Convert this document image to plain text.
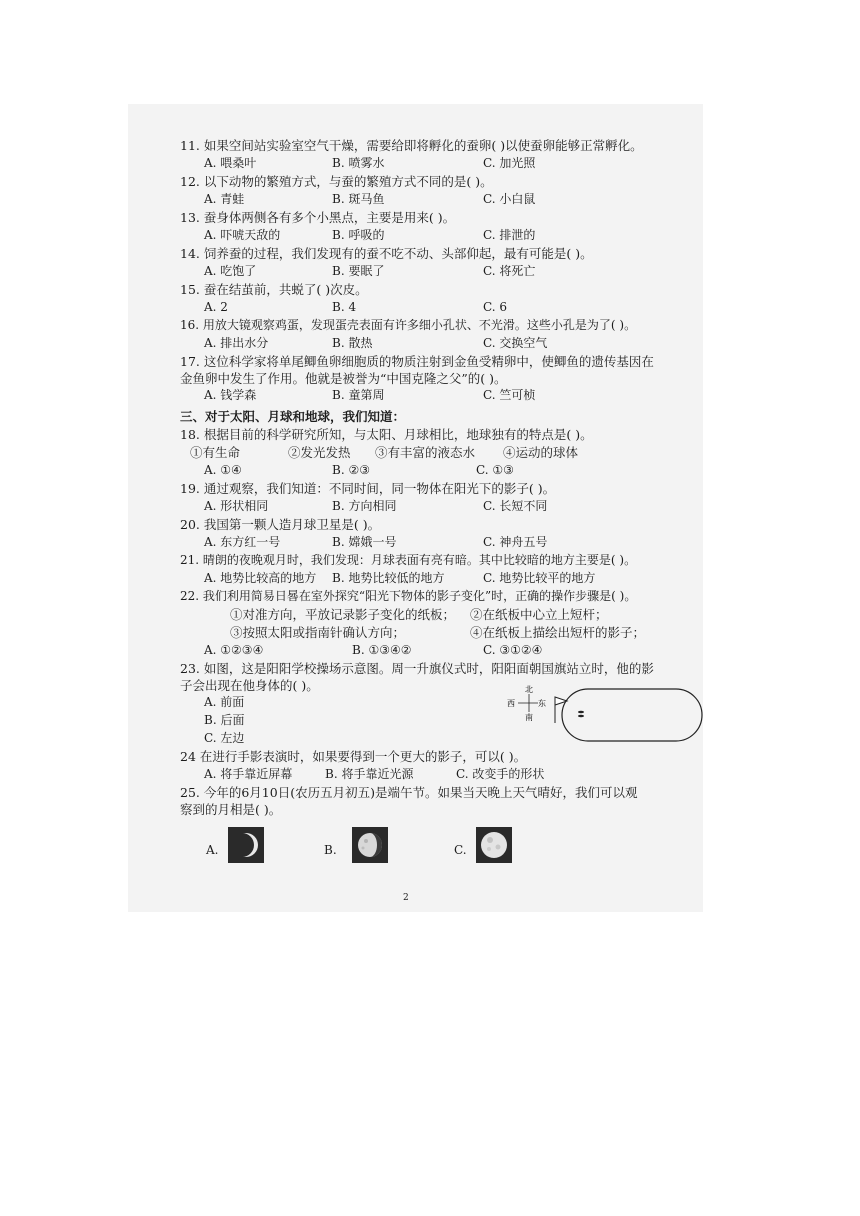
11. 如果空间站实验室空气干燥，需要给即将孵化的蚕卵( )以使蚕卵能够正常孵化。
A. 喂桑叶	B. 喷雾水	C. 加光照
12. 以下动物的繁殖方式，与蚕的繁殖方式不同的是( )。
A. 青蛙	B. 斑马鱼	C. 小白鼠
13. 蚕身体两侧各有多个小黑点，主要是用来( )。
A. 吓唬天敌的	B. 呼吸的	C. 排泄的
14. 饲养蚕的过程，我们发现有的蚕不吃不动、头部仰起，最有可能是( )。
A. 吃饱了	B. 要眠了	C. 将死亡
15. 蚕在结茧前，共蜕了( )次皮。
A. 2	B. 4	C. 6
16. 用放大镜观察鸡蛋，发现蛋壳表面有许多细小孔状、不光滑。这些小孔是为了( )。
A. 排出水分	B. 散热	C. 交换空气
17. 这位科学家将单尾鲫鱼卵细胞质的物质注射到金鱼受精卵中，使鲫鱼的遗传基因在
金鱼卵中发生了作用。他就是被誉为“中国克隆之父”的( )。
A. 钱学森	B. 童第周	C. 竺可桢
三、对于太阳、月球和地球，我们知道：
18. 根据目前的科学研究所知，与太阳、月球相比，地球独有的特点是( )。
①有生命	②发光发热 ③有丰富的液态水 ④运动的球体
A. ①④	B. ②③	C. ①③
19. 通过观察，我们知道：不同时间，同一物体在阳光下的影子( )。
A. 形状相同	B. 方向相同	C. 长短不同
20. 我国第一颗人造月球卫星是( )。
A. 东方红一号	B. 嫦娥一号	C. 神舟五号
21. 晴朗的夜晚观月时，我们发现：月球表面有亮有暗。其中比较暗的地方主要是( )。
A. 地势比较高的地方 B. 地势比较低的地方	C. 地势比较平的地方
22. 我们利用简易日晷在室外探究“阳光下物体的影子变化”时，正确的操作步骤是( )。
①对准方向，平放记录影子变化的纸板； ②在纸板中心立上短杆；
③按照太阳或指南针确认方向；	④在纸板上描绘出短杆的影子；
A. ①②③④	B. ①③④②	C. ③①②④
23. 如图，这是阳阳学校操场示意图。周一升旗仪式时，阳阳面朝国旗站立时，他的影
子会出现在他身体的( )。
A. 前面
B. 后面
C. 左边
北
西	东
南
24 在进行手影表演时，如果要得到一个更大的影子，可以( )。
A. 将手靠近屏幕	B. 将手靠近光源	C. 改变手的形状
25. 今年的6月10日(农历五月初五)是端午节。如果当天晚上天气晴好，我们可以观
察到的月相是( )。
A.	B.	C.
2
